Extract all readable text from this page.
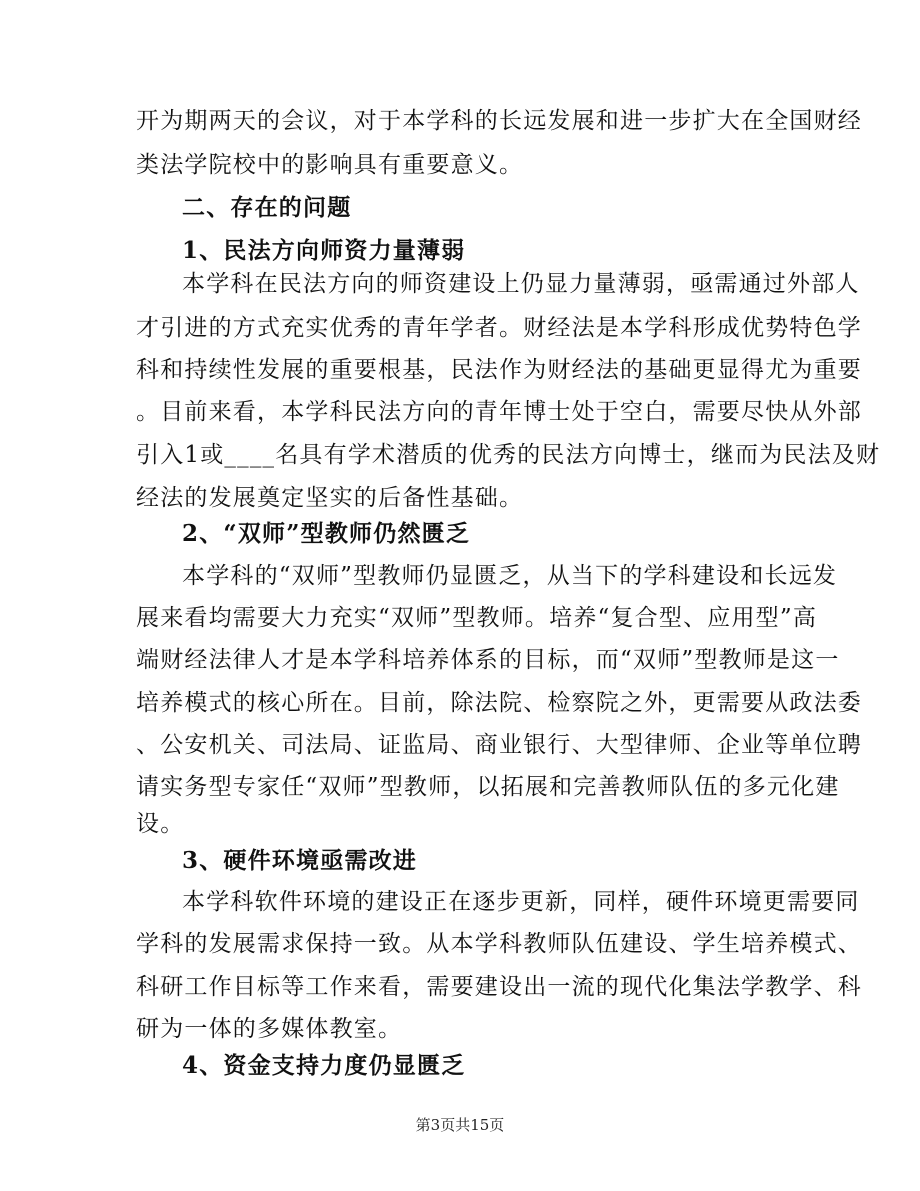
开为期两天的会议，对于本学科的长远发展和进一步扩大在全国财经
类法学院校中的影响具有重要意义。
二、存在的问题
1、民法方向师资力量薄弱
本学科在民法方向的师资建设上仍显力量薄弱，亟需通过外部人
才引进的方式充实优秀的青年学者。财经法是本学科形成优势特色学
科和持续性发展的重要根基，民法作为财经法的基础更显得尤为重要
。目前来看，本学科民法方向的青年博士处于空白，需要尽快从外部
引入1或____名具有学术潜质的优秀的民法方向博士，继而为民法及财
经法的发展奠定坚实的后备性基础。
2、“双师”型教师仍然匮乏
本学科的“双师”型教师仍显匮乏，从当下的学科建设和长远发
展来看均需要大力充实“双师”型教师。培养“复合型、应用型”高
端财经法律人才是本学科培养体系的目标，而“双师”型教师是这一
培养模式的核心所在。目前，除法院、检察院之外，更需要从政法委
、公安机关、司法局、证监局、商业银行、大型律师、企业等单位聘
请实务型专家任“双师”型教师，以拓展和完善教师队伍的多元化建
设。
3、硬件环境亟需改进
本学科软件环境的建设正在逐步更新，同样，硬件环境更需要同
学科的发展需求保持一致。从本学科教师队伍建设、学生培养模式、
科研工作目标等工作来看，需要建设出一流的现代化集法学教学、科
研为一体的多媒体教室。
4、资金支持力度仍显匮乏
第3页共15页
